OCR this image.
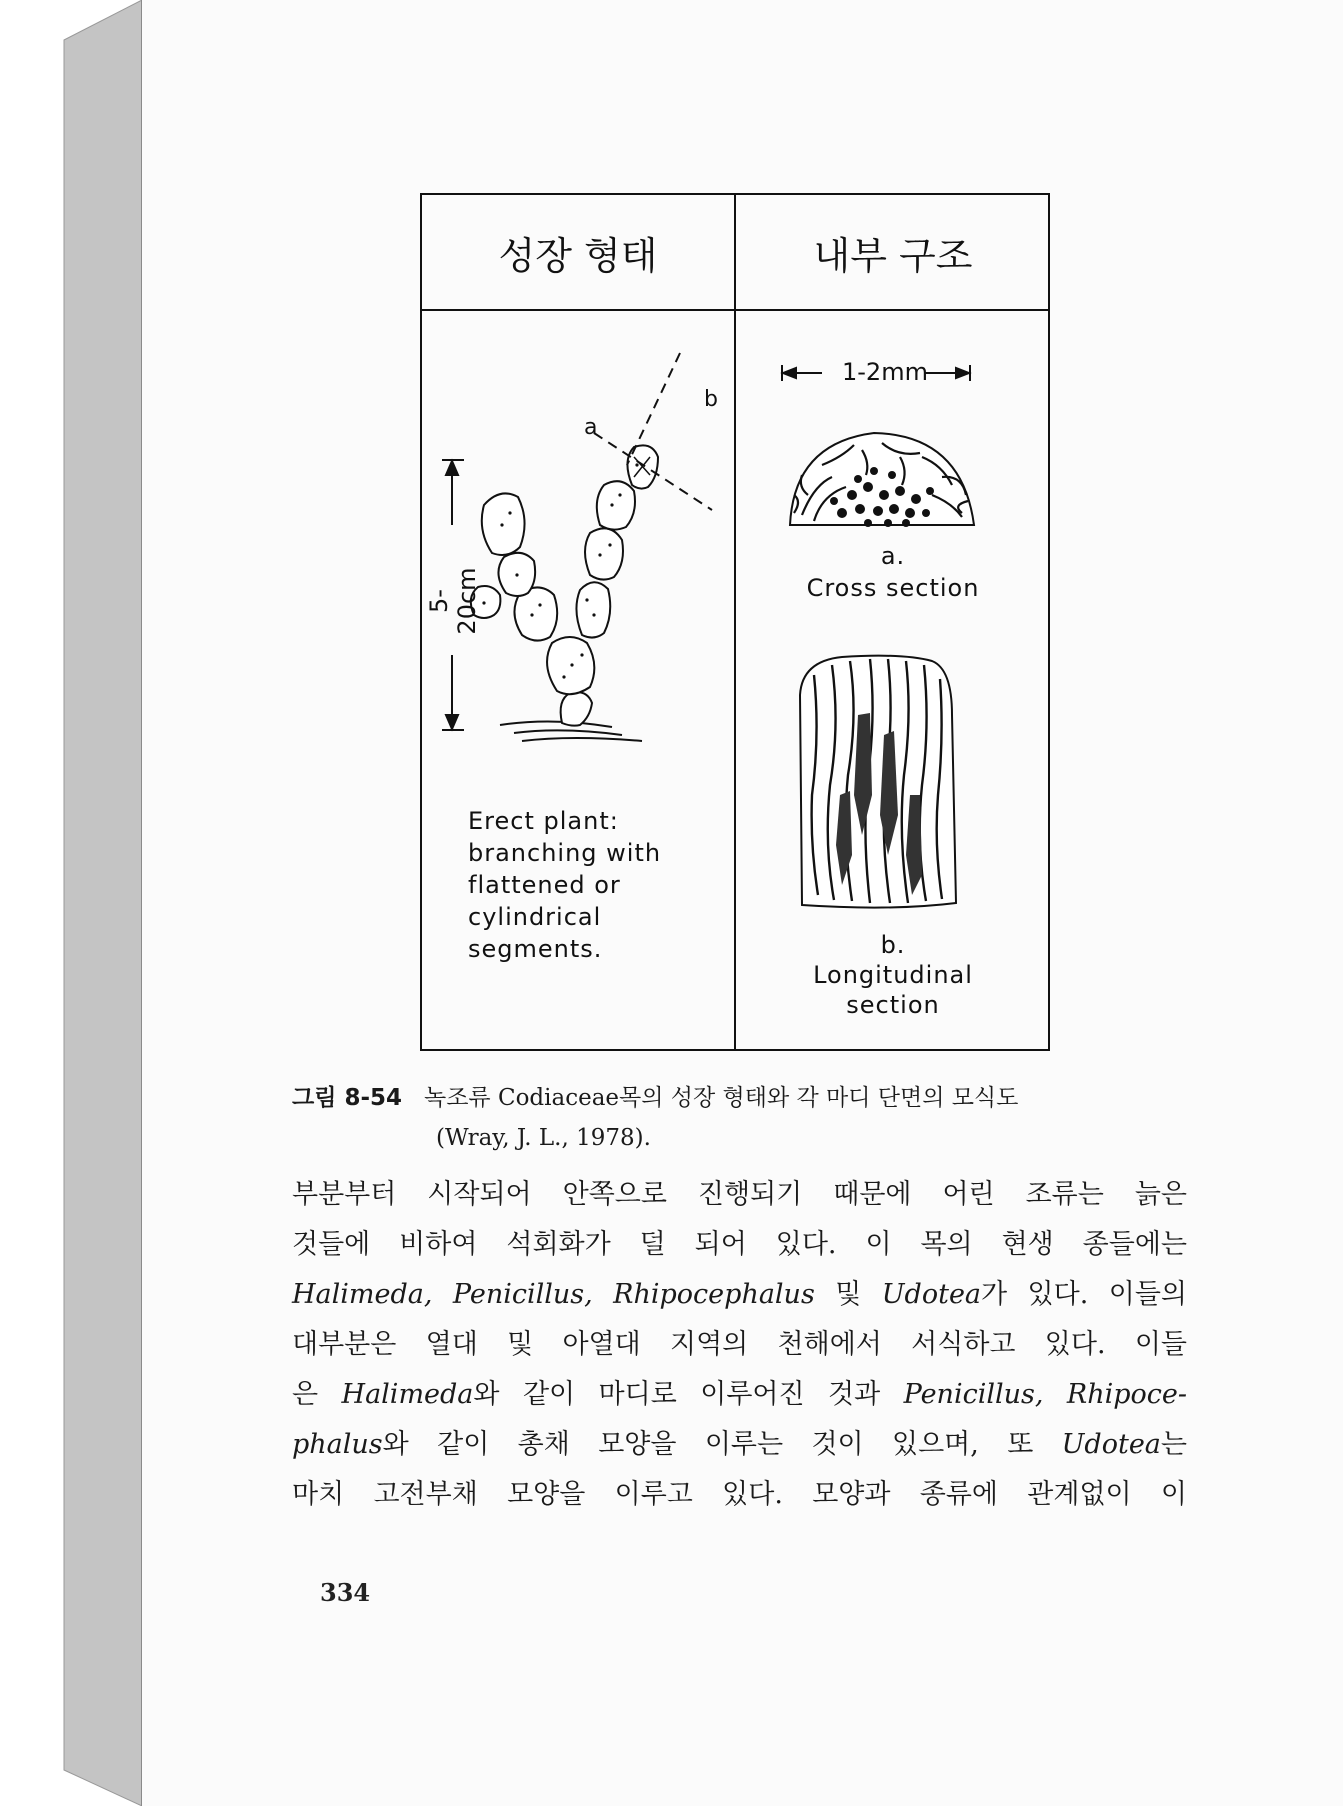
성장 형태	내부 구조
1-2mm
5-20cm
a
b
Erect plant:
branching with
flattened or
cylindrical
segments.
a.
Cross section
b.
Longitudinal
section
그림 8-54 녹조류 Codiaceae목의 성장 형태와 각 마디 단면의 모식도
(Wray, J. L., 1978).
부분부터 시작되어 안쪽으로 진행되기 때문에 어린 조류는 늙은
것들에 비하여 석회화가 덜 되어 있다. 이 목의 현생 종들에는
Halimeda, Penicillus, Rhipocephalus 및 Udotea가 있다. 이들의
대부분은 열대 및 아열대 지역의 천해에서 서식하고 있다. 이들
은 Halimeda와 같이 마디로 이루어진 것과 Penicillus, Rhipoce-
phalus와 같이 총채 모양을 이루는 것이 있으며, 또 Udotea는
마치 고전부채 모양을 이루고 있다. 모양과 종류에 관계없이 이
334
